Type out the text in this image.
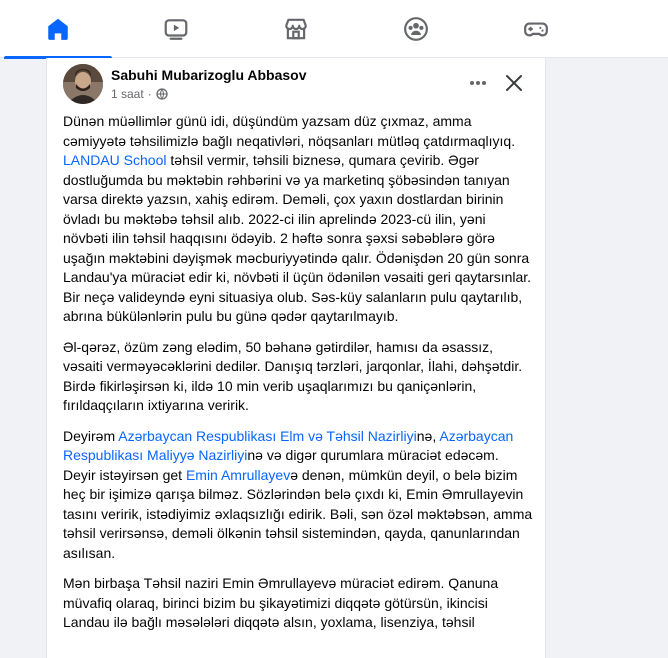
Sabuhi Mubarizoglu Abbasov
1 saat ·

Dünən müəllimlər günü idi, düşündüm yazsam düz çıxmaz, amma cəmiyyətə təhsilimizlə bağlı neqativləri, nöqsanları mütləq çatdırmaqlıyıq. LANDAU School təhsil vermir, təhsili biznesə, qumara çevirib. Əgər dostluğumda bu məktəbin rəhbərini və ya marketinq şöbəsindən tanıyan varsa direktə yazsın, xahiş edirəm. Deməli, çox yaxın dostlardan birinin övladı bu məktəbə təhsil alıb. 2022-ci ilin aprelində 2023-cü ilin, yəni növbəti ilin təhsil haqqısını ödəyib. 2 həftə sonra şəxsi səbəblərə görə uşağın məktəbini dəyişmək məcburiyyətində qalır. Ödənişdən 20 gün sonra Landau'ya müraciət edir ki, növbəti il üçün ödənilən vəsaiti geri qaytarsınlar. Bir neçə valideyndə eyni situasiya olub. Səs-küy salanların pulu qaytarılıb, abrına bükülənlərin pulu bu günə qədər qaytarılmayıb.

Əl-qərəz, özüm zəng elədim, 50 bəhanə gətirdilər, hamısı da əsassız, vəsaiti verməyəcəklərini dedilər. Danışıq tərzləri, jarqonlar, İlahi, dəhşətdir. Birdə fikirləşirsən ki, ildə 10 min verib uşaqlarımızı bu qaniçənlərin, fırıldaqçıların ixtiyarına veririk.

Deyirəm Azərbaycan Respublikası Elm və Təhsil Nazirliyinə, Azərbaycan Respublikası Maliyyə Nazirliyinə və digər qurumlara müraciət edəcəm. Deyir istəyirsən get Emin Amrullayevə denən, mümkün deyil, o belə bizim heç bir işimizə qarışa bilməz. Sözlərindən belə çıxdı ki, Emin Əmrullayevin tasını veririk, istədiyimiz əxlaqsızlığı edirik. Bəli, sən özəl məktəbsən, amma təhsil verirsənsə, deməli ölkənin təhsil sistemindən, qayda, qanunlarından asılısan.

Mən birbaşa Təhsil naziri Emin Əmrullayevə müraciət edirəm. Qanuna müvafiq olaraq, birinci bizim bu şikayətimizi diqqətə götürsün, ikincisi Landau ilə bağlı məsələləri diqqətə alsın, yoxlama, lisenziya, təhsil
